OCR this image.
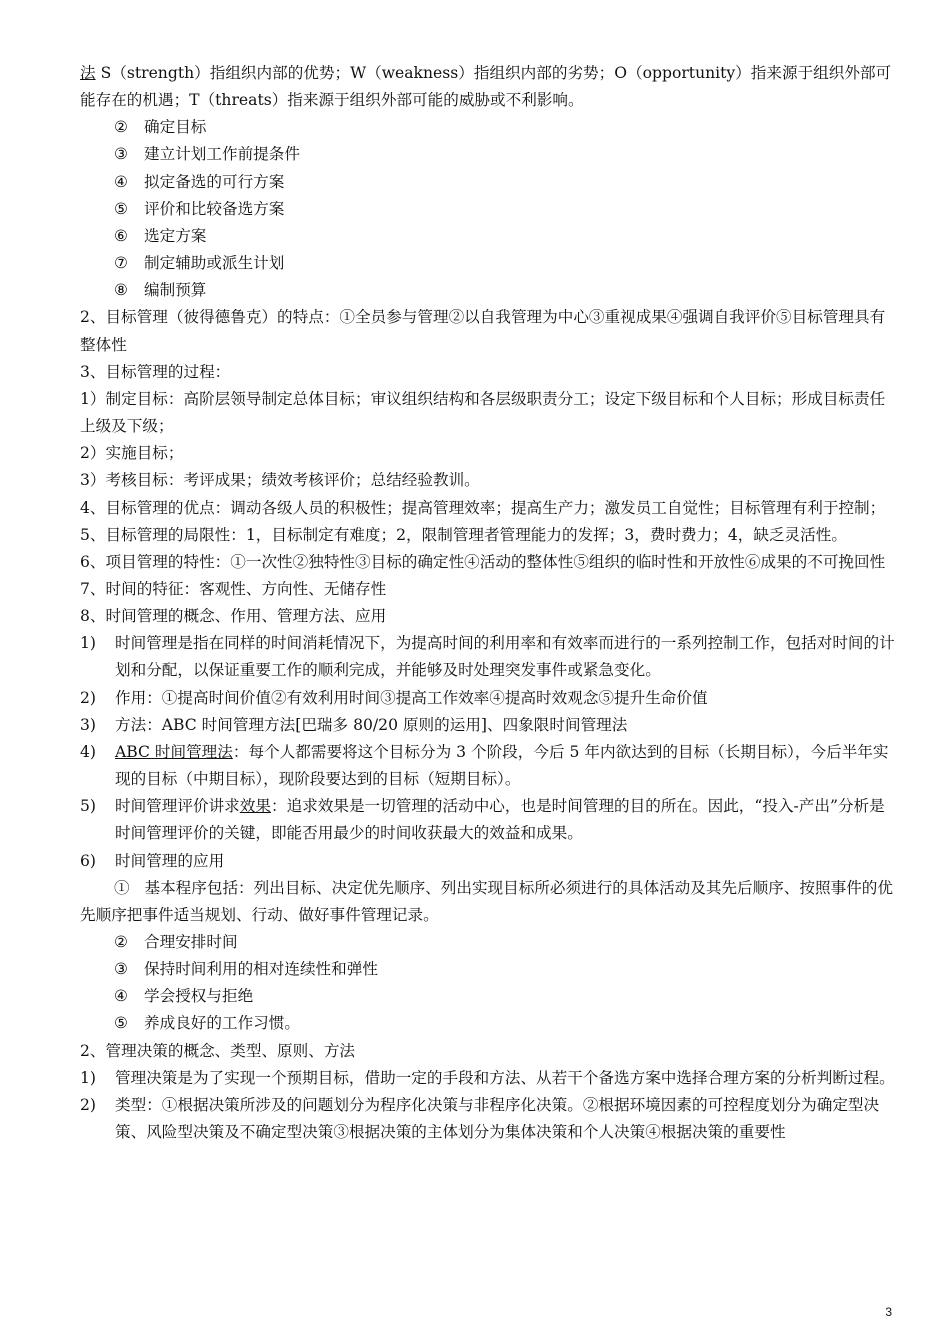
法 S（strength）指组织内部的优势；W（weakness）指组织内部的劣势；O（opportunity）指来源于组织外部可能存在的机遇；T（threats）指来源于组织外部可能的威胁或不利影响。

② 确定目标
③ 建立计划工作前提条件
④ 拟定备选的可行方案
⑤ 评价和比较备选方案
⑥ 选定方案
⑦ 制定辅助或派生计划
⑧ 编制预算

2、目标管理（彼得德鲁克）的特点：①全员参与管理②以自我管理为中心③重视成果④强调自我评价⑤目标管理具有整体性

3、目标管理的过程：

1）制定目标：高阶层领导制定总体目标；审议组织结构和各层级职责分工；设定下级目标和个人目标；形成目标责任上级及下级；

2）实施目标；

3）考核目标：考评成果；绩效考核评价；总结经验教训。

4、目标管理的优点：调动各级人员的积极性；提高管理效率；提高生产力；激发员工自觉性；目标管理有利于控制；

5、目标管理的局限性：1，目标制定有难度；2，限制管理者管理能力的发挥；3，费时费力；4，缺乏灵活性。

6、项目管理的特性：①一次性②独特性③目标的确定性④活动的整体性⑤组织的临时性和开放性⑥成果的不可挽回性

7、时间的特征：客观性、方向性、无储存性

8、时间管理的概念、作用、管理方法、应用

1)	时间管理是指在同样的时间消耗情况下，为提高时间的利用率和有效率而进行的一系列控制工作，包括对时间的计划和分配，以保证重要工作的顺利完成，并能够及时处理突发事件或紧急变化。
2)	作用：①提高时间价值②有效利用时间③提高工作效率④提高时效观念⑤提升生命价值
3)	方法：ABC 时间管理方法[巴瑞多 80/20 原则的运用]、四象限时间管理法
4)	ABC 时间管理法：每个人都需要将这个目标分为 3 个阶段，今后 5 年内欲达到的目标（长期目标），今后半年实现的目标（中期目标），现阶段要达到的目标（短期目标）。
5)	时间管理评价讲求效果：追求效果是一切管理的活动中心，也是时间管理的目的所在。因此，“投入-产出”分析是时间管理评价的关键，即能否用最少的时间收获最大的效益和成果。
6)	时间管理的应用

① 基本程序包括：列出目标、决定优先顺序、列出实现目标所必须进行的具体活动及其先后顺序、按照事件的优先顺序把事件适当规划、行动、做好事件管理记录。

② 合理安排时间
③ 保持时间利用的相对连续性和弹性
④ 学会授权与拒绝
⑤ 养成良好的工作习惯。

2、管理决策的概念、类型、原则、方法

1)	管理决策是为了实现一个预期目标，借助一定的手段和方法、从若干个备选方案中选择合理方案的分析判断过程。
2)	类型：①根据决策所涉及的问题划分为程序化决策与非程序化决策。②根据环境因素的可控程度划分为确定型决策、风险型决策及不确定型决策③根据决策的主体划分为集体决策和个人决策④根据决策的重要性
3
